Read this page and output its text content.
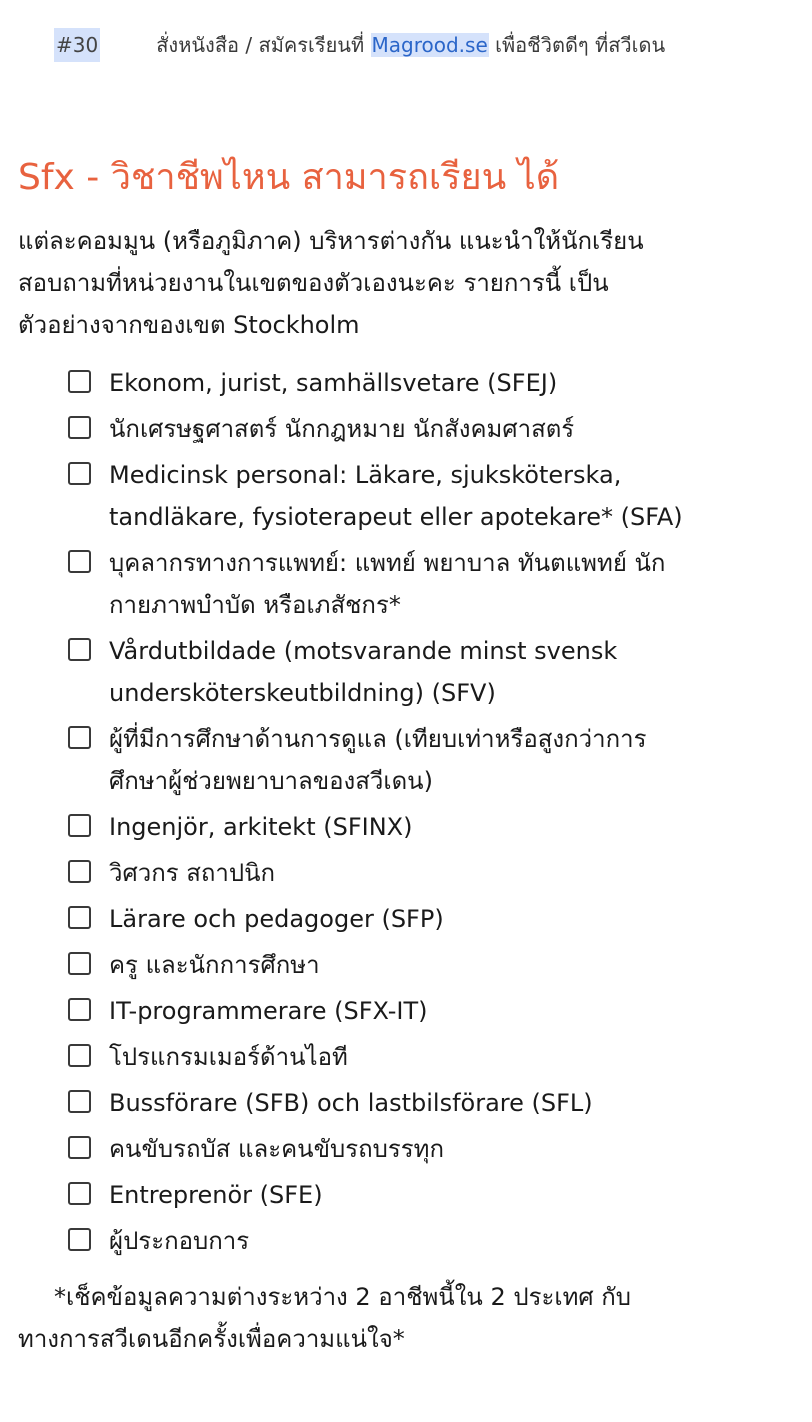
#30	สั่งหนังสือ / สมัครเรียนที่ Magrood.se เพื่อชีวิตดีๆ ที่สวีเดน
Sfx - วิชาชีพไหน สามารถเรียน ได้

แต่ละคอมมูน (หรือภูมิภาค) บริหารต่างกัน แนะนำให้นักเรียน
สอบถามที่หน่วยงานในเขตของตัวเองนะคะ รายการนี้ เป็น
ตัวอย่างจากของเขต Stockholm

Ekonom, jurist, samhällsvetare (SFEJ)
นักเศรษฐศาสตร์ นักกฎหมาย นักสังคมศาสตร์
Medicinsk personal: Läkare, sjuksköterska,
tandläkare, fysioterapeut eller apotekare* (SFA)
บุคลากรทางการแพทย์: แพทย์ พยาบาล ทันตแพทย์ นัก
กายภาพบำบัด หรือเภสัชกร*
Vårdutbildade (motsvarande minst svensk
undersköterskeutbildning) (SFV)
ผู้ที่มีการศึกษาด้านการดูแล (เทียบเท่าหรือสูงกว่าการ
ศึกษาผู้ช่วยพยาบาลของสวีเดน)
Ingenjör, arkitekt (SFINX)
วิศวกร สถาปนิก
Lärare och pedagoger (SFP)
ครู และนักการศึกษา
IT-programmerare (SFX-IT)
โปรแกรมเมอร์ด้านไอที
Bussförare (SFB) och lastbilsförare (SFL)
คนขับรถบัส และคนขับรถบรรทุก
Entreprenör (SFE)
ผู้ประกอบการ

*เช็คข้อมูลความต่างระหว่าง 2 อาชีพนี้ใน 2 ประเทศ กับ
ทางการสวีเดนอีกครั้งเพื่อความแน่ใจ*
